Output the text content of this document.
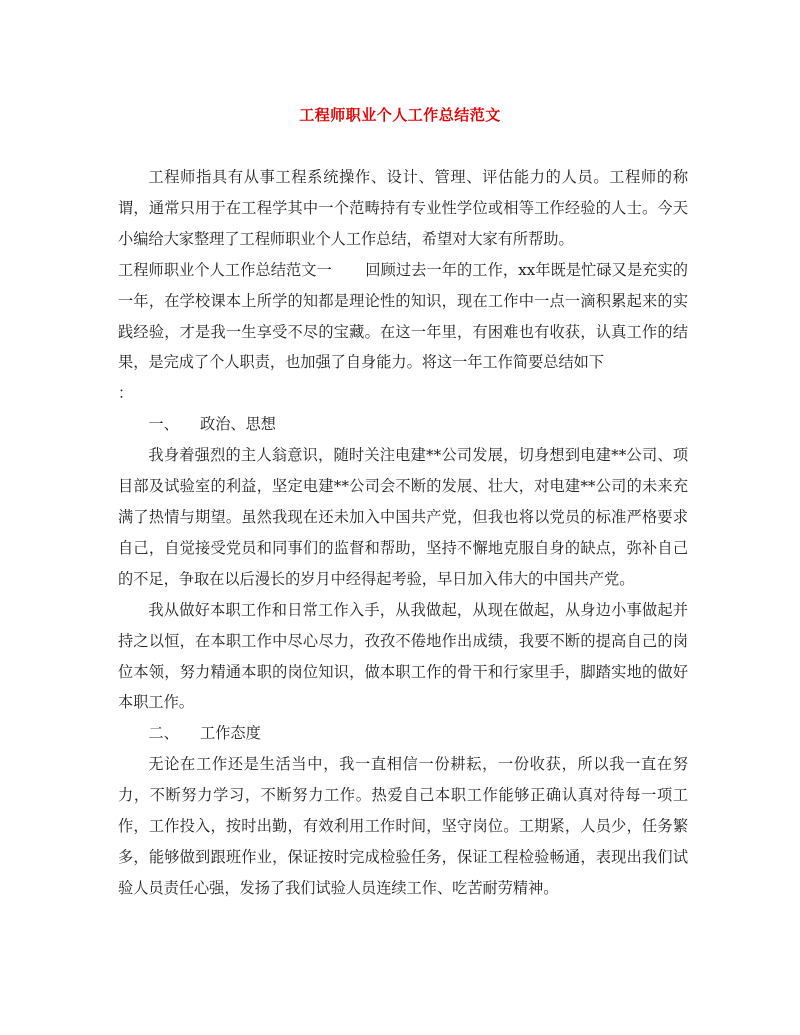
工程师职业个人工作总结范文

工程师指具有从事工程系统操作、设计、管理、评估能力的人员。工程师的称谓，通常只用于在工程学其中一个范畴持有专业性学位或相等工作经验的人士。今天小编给大家整理了工程师职业个人工作总结，希望对大家有所帮助。

工程师职业个人工作总结范文一 回顾过去一年的工作，xx年既是忙碌又是充实的一年，在学校课本上所学的知都是理论性的知识，现在工作中一点一滴积累起来的实践经验，才是我一生享受不尽的宝藏。在这一年里，有困难也有收获，认真工作的结果，是完成了个人职责，也加强了自身能力。将这一年工作简要总结如下
：

一、 政治、思想

我身着强烈的主人翁意识，随时关注电建**公司发展，切身想到电建**公司、项目部及试验室的利益，坚定电建**公司会不断的发展、壮大，对电建**公司的未来充满了热情与期望。虽然我现在还未加入中国共产党，但我也将以党员的标准严格要求自己，自觉接受党员和同事们的监督和帮助，坚持不懈地克服自身的缺点，弥补自己的不足，争取在以后漫长的岁月中经得起考验，早日加入伟大的中国共产党。

我从做好本职工作和日常工作入手，从我做起，从现在做起，从身边小事做起并持之以恒，在本职工作中尽心尽力，孜孜不倦地作出成绩，我要不断的提高自己的岗位本领，努力精通本职的岗位知识，做本职工作的骨干和行家里手，脚踏实地的做好本职工作。

二、 工作态度

无论在工作还是生活当中，我一直相信一份耕耘，一份收获，所以我一直在努力，不断努力学习，不断努力工作。热爱自己本职工作能够正确认真对待每一项工作，工作投入，按时出勤，有效利用工作时间，坚守岗位。工期紧，人员少，任务繁多，能够做到跟班作业，保证按时完成检验任务，保证工程检验畅通，表现出我们试验人员责任心强，发扬了我们试验人员连续工作、吃苦耐劳精神。
